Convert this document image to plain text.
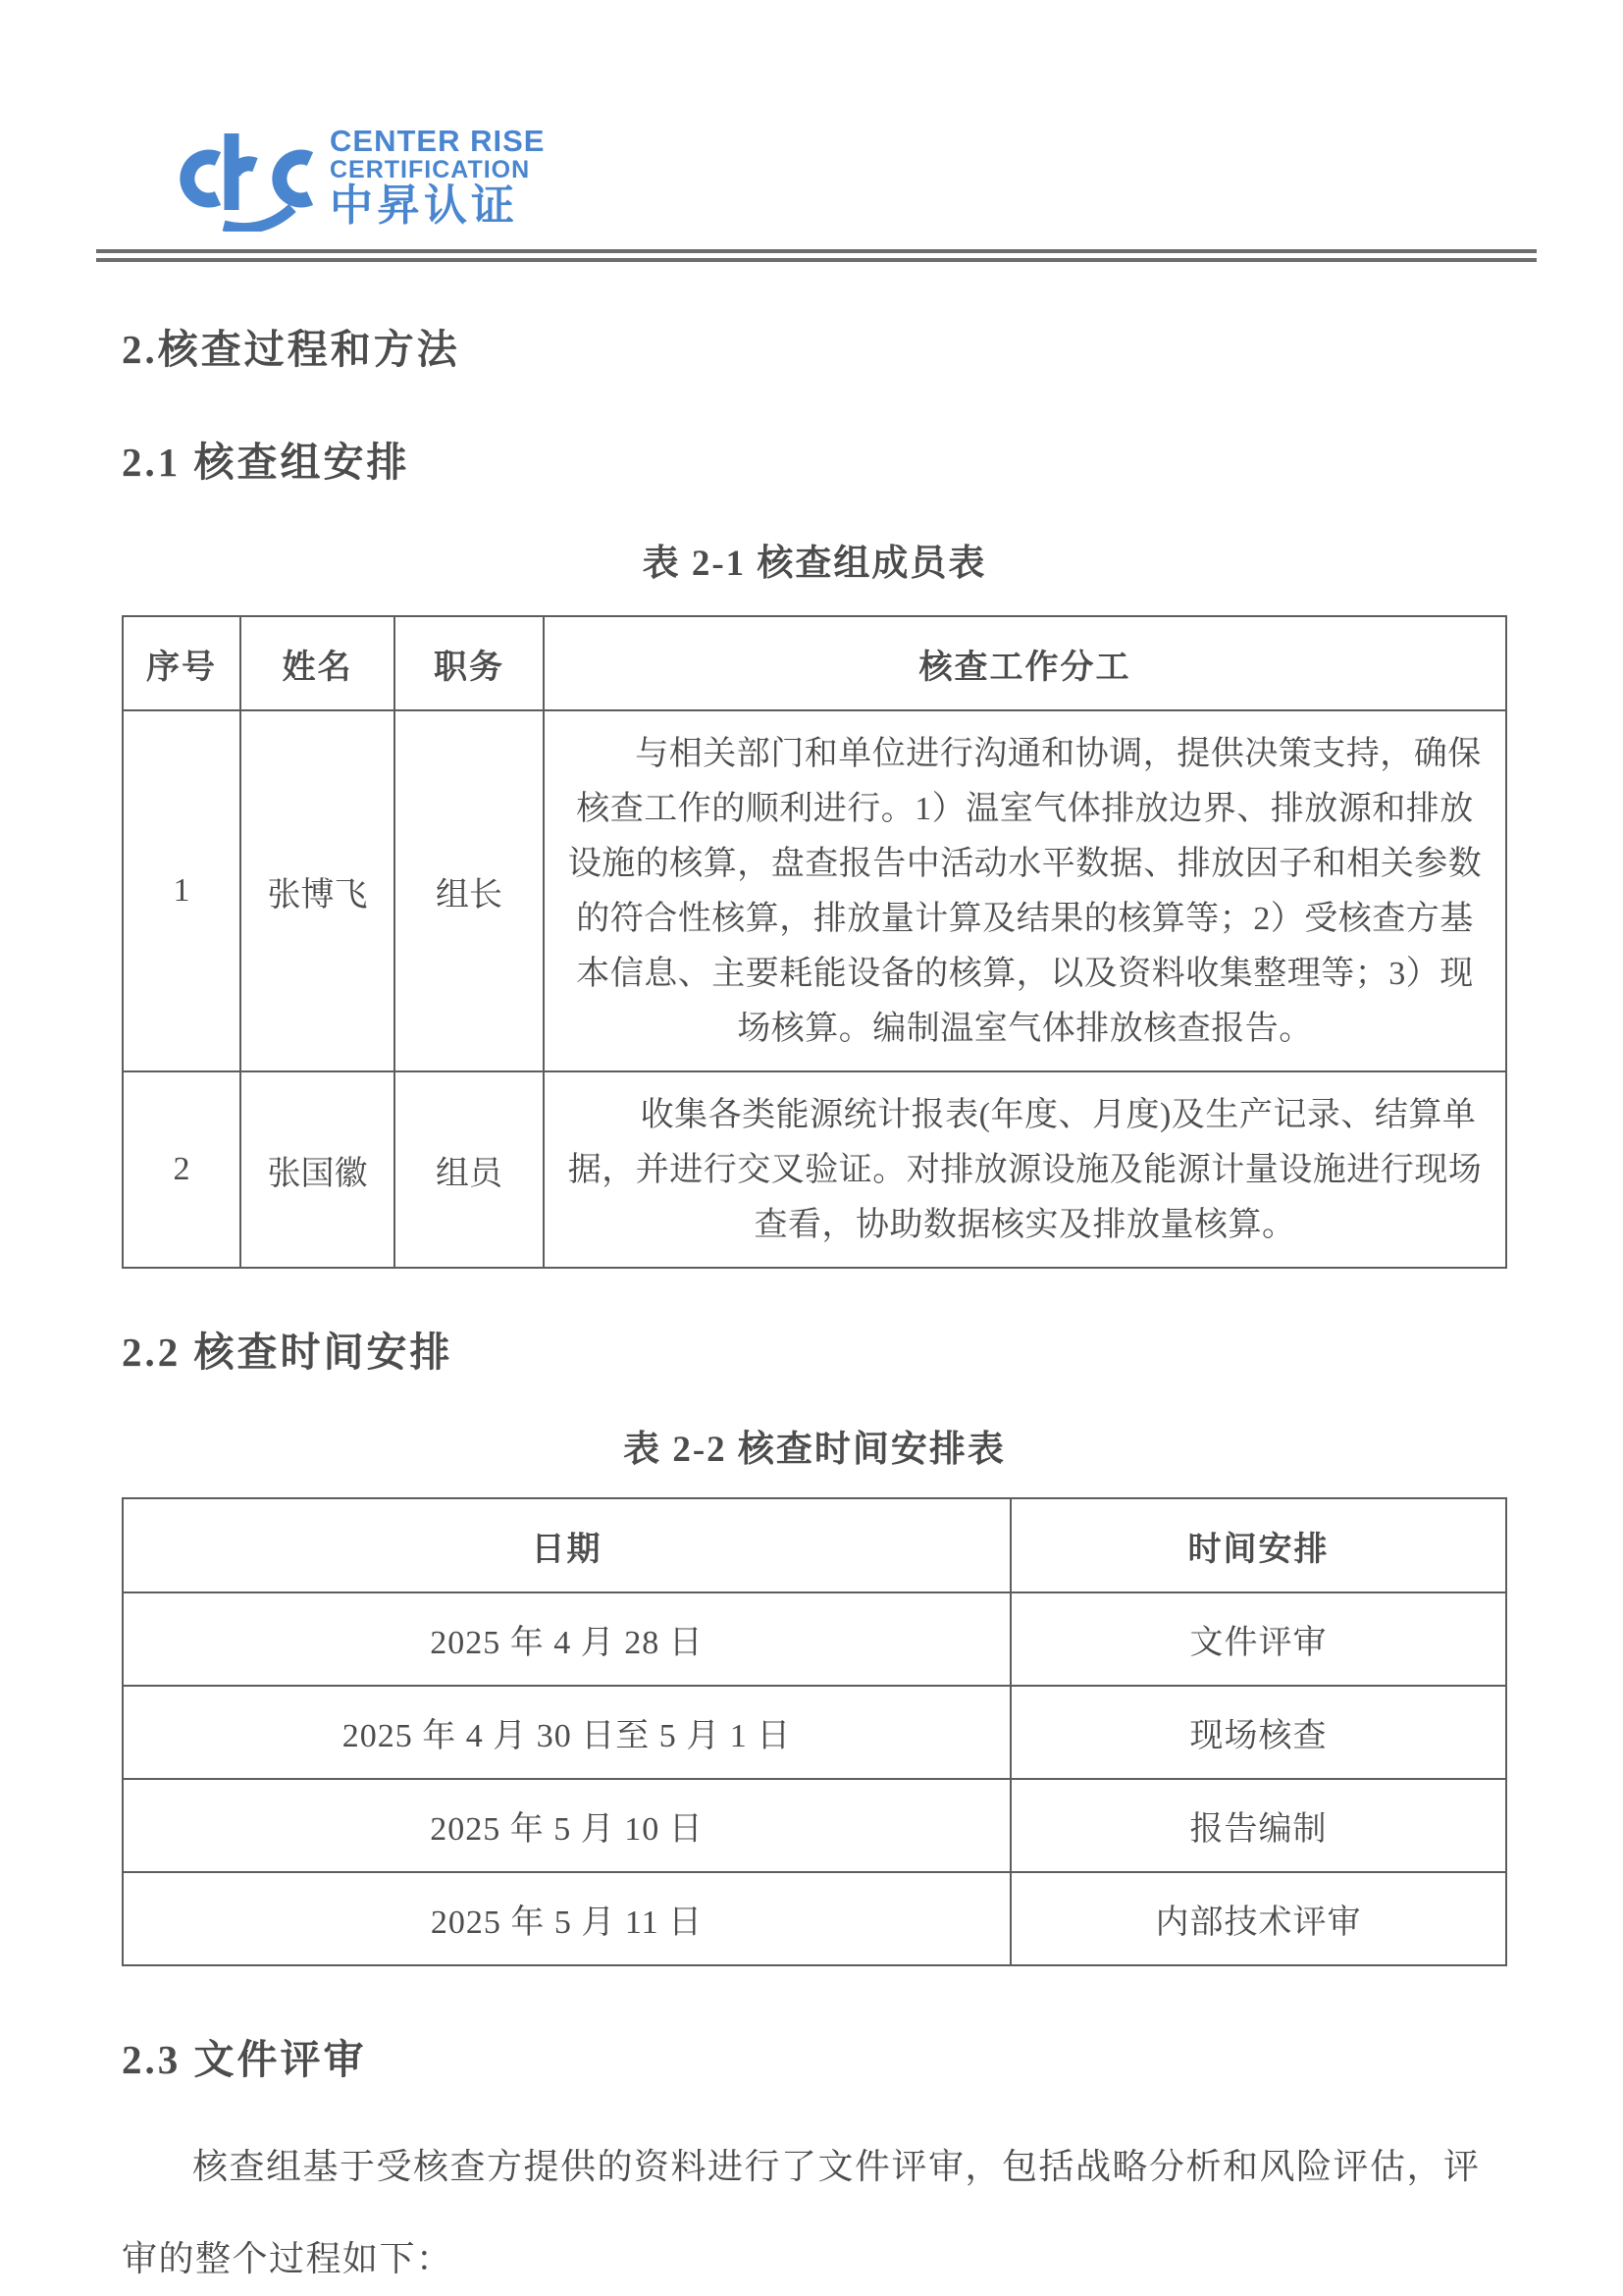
CENTER RISE
CERTIFICATION
中昇认证
2.核查过程和方法
2.1 核查组安排
表 2-1 核查组成员表
序号	姓名	职务	核查工作分工
1	张博飞	组长	与相关部门和单位进行沟通和协调，提供决策支持，确保核查工作的顺利进行。1）温室气体排放边界、排放源和排放设施的核算，盘查报告中活动水平数据、排放因子和相关参数的符合性核算，排放量计算及结果的核算等；2）受核查方基本信息、主要耗能设备的核算，以及资料收集整理等；3）现场核算。编制温室气体排放核查报告。
2	张国徽	组员	收集各类能源统计报表(年度、月度)及生产记录、结算单据，并进行交叉验证。对排放源设施及能源计量设施进行现场查看，协助数据核实及排放量核算。
2.2 核查时间安排
表 2-2 核查时间安排表
日期	时间安排
2025 年 4 月 28 日	文件评审
2025 年 4 月 30 日至 5 月 1 日	现场核查
2025 年 5 月 10 日	报告编制
2025 年 5 月 11 日	内部技术评审
2.3 文件评审

核查组基于受核查方提供的资料进行了文件评审，包括战略分析和风险评估，评审的整个过程如下：
